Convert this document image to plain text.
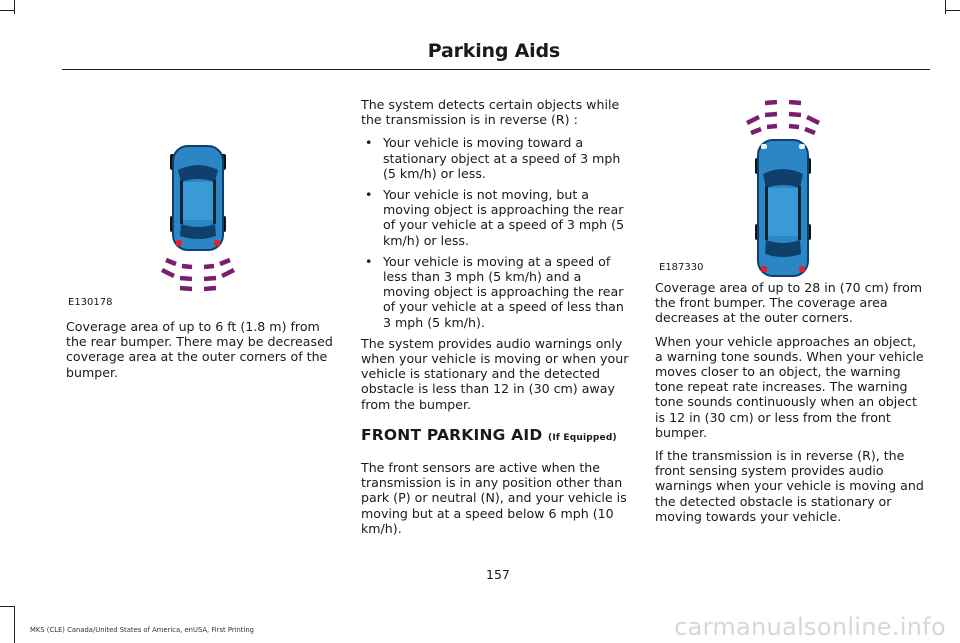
Parking Aids
E130178

Coverage area of up to 6 ft (1.8 m) from the rear bumper. There may be decreased coverage area at the outer corners of the bumper.

The system detects certain objects while the transmission is in reverse (R) :

• Your vehicle is moving toward a stationary object at a speed of 3 mph (5 km/h) or less.
• Your vehicle is not moving, but a moving object is approaching the rear of your vehicle at a speed of 3 mph (5 km/h) or less.
• Your vehicle is moving at a speed of less than 3 mph (5 km/h) and a moving object is approaching the rear of your vehicle at a speed of less than 3 mph (5 km/h).

The system provides audio warnings only when your vehicle is moving or when your vehicle is stationary and the detected obstacle is less than 12 in (30 cm) away from the bumper.

FRONT PARKING AID (If Equipped)

The front sensors are active when the transmission is in any position other than park (P) or neutral (N), and your vehicle is moving but at a speed below 6 mph (10 km/h).

E187330

Coverage area of up to 28 in (70 cm) from the front bumper. The coverage area decreases at the outer corners.

When your vehicle approaches an object, a warning tone sounds. When your vehicle moves closer to an object, the warning tone repeat rate increases. The warning tone sounds continuously when an object is 12 in (30 cm) or less from the front bumper.

If the transmission is in reverse (R), the front sensing system provides audio warnings when your vehicle is moving and the detected obstacle is stationary or moving towards your vehicle.

157
MKS (CLE) Canada/United States of America, enUSA, First Printing	carmanualsonline.info
